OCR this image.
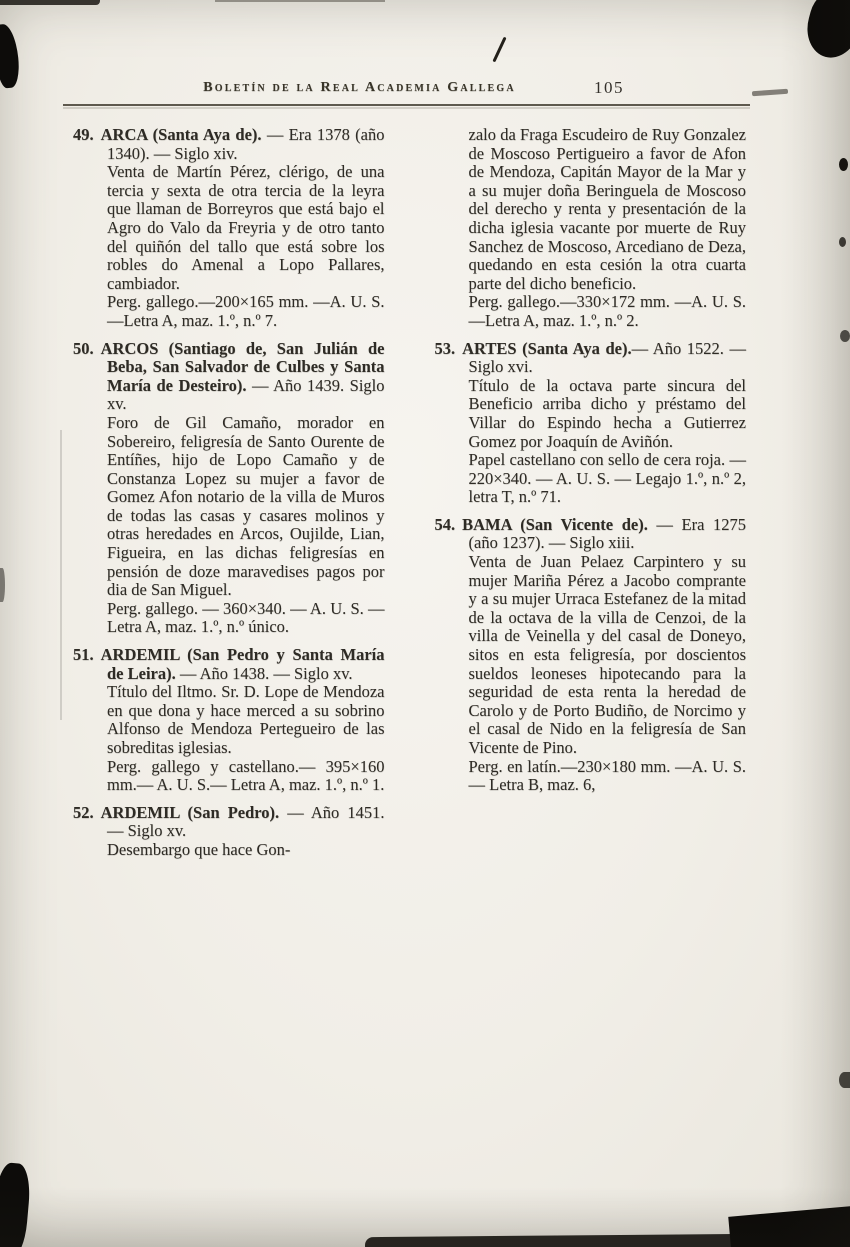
Boletín de la Real Academia Gallega	105

49. ARCA (Santa Aya de). — Era 1378 (año 1340). — Siglo xiv.

Venta de Martín Pérez, clérigo, de una tercia y sexta de otra tercia de la leyra que llaman de Borreyros que está bajo el Agro do Valo da Freyria y de otro tanto del quiñón del tallo que está sobre los robles do Amenal a Lopo Pallares, cambiador.

Perg. gallego.—200×165 mm. —A. U. S.—Letra A, maz. 1.º, n.º 7.

50. ARCOS (Santiago de, San Julián de Beba, San Salvador de Culbes y Santa María de Desteiro). — Año 1439. Siglo xv.

Foro de Gil Camaño, morador en Sobereiro, feligresía de Santo Ourente de Entíñes, hijo de Lopo Camaño y de Constanza Lopez su mujer a favor de Gomez Afon notario de la villa de Muros de todas las casas y casares molinos y otras heredades en Arcos, Oujilde, Lian, Figueira, en las dichas feligresías en pensión de doze maravedises pagos por dia de San Miguel.

Perg. gallego. — 360×340. — A. U. S. — Letra A, maz. 1.º, n.º único.

51. ARDEMIL (San Pedro y Santa María de Leira). — Año 1438. — Siglo xv.

Título del Iltmo. Sr. D. Lope de Mendoza en que dona y hace merced a su sobrino Alfonso de Mendoza Pertegueiro de las sobreditas iglesias.

Perg. gallego y castellano.— 395×160 mm.— A. U. S.— Letra A, maz. 1.º, n.º 1.

52. ARDEMIL (San Pedro). — Año 1451. — Siglo xv.

Desembargo que hace Gon-

zalo da Fraga Escudeiro de Ruy Gonzalez de Moscoso Pertigueiro a favor de Afon de Mendoza, Capitán Mayor de la Mar y a su mujer doña Beringuela de Moscoso del derecho y renta y presentación de la dicha iglesia vacante por muerte de Ruy Sanchez de Moscoso, Arcediano de Deza, quedando en esta cesión la otra cuarta parte del dicho beneficio.

Perg. gallego.—330×172 mm. —A. U. S.—Letra A, maz. 1.º, n.º 2.

53. ARTES (Santa Aya de).— Año 1522. — Siglo xvi.

Título de la octava parte sincura del Beneficio arriba dicho y préstamo del Villar do Espindo hecha a Gutierrez Gomez por Joaquín de Aviñón.

Papel castellano con sello de cera roja. — 220×340. — A. U. S. — Legajo 1.º, n.º 2, letra T, n.º 71.

54. BAMA (San Vicente de). — Era 1275 (año 1237). — Siglo xiii.

Venta de Juan Pelaez Carpintero y su mujer Mariña Pérez a Jacobo comprante y a su mujer Urraca Estefanez de la mitad de la octava de la villa de Cenzoi, de la villa de Veinella y del casal de Doneyo, sitos en esta feligresía, por doscientos sueldos leoneses hipotecando para la seguridad de esta renta la heredad de Carolo y de Porto Budiño, de Norcimo y el casal de Nido en la feligresía de San Vicente de Pino.

Perg. en latín.—230×180 mm. —A. U. S. — Letra B, maz. 6,
